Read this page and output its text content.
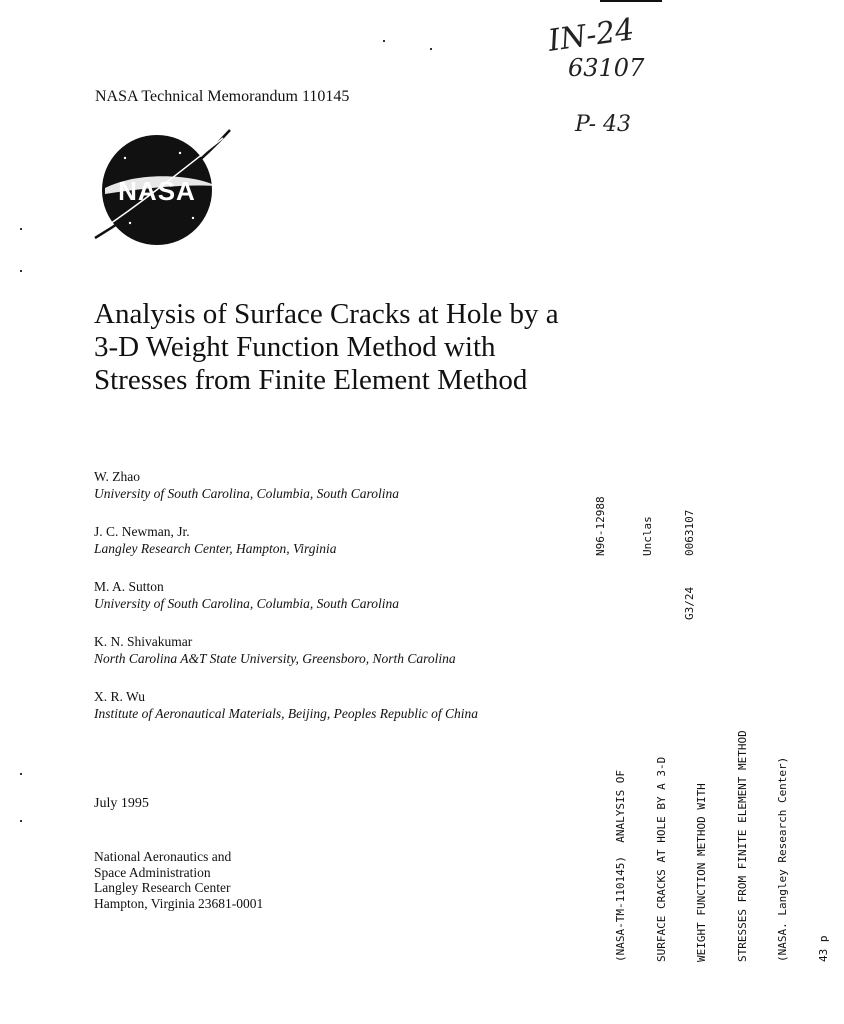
IN-24
63107
P- 43
NASA Technical Memorandum 110145
NASA
Analysis of Surface Cracks at Hole by a
3-D Weight Function Method with
Stresses from Finite Element Method
W. Zhao
University of South Carolina, Columbia, South Carolina
J. C. Newman, Jr.
Langley Research Center, Hampton, Virginia
M. A. Sutton
University of South Carolina, Columbia, South Carolina
K. N. Shivakumar
North Carolina A&T State University, Greensboro, North Carolina
X. R. Wu
Institute of Aeronautical Materials, Beijing, Peoples Republic of China
July 1995
National Aeronautics and
Space Administration
Langley Research Center
Hampton, Virginia 23681-0001
N96-12988	Unclas
G3/24
0063107

(NASA-TM-110145)  ANALYSIS OF

	SURFACE CRACKS AT HOLE BY A 3-D

	WEIGHT FUNCTION METHOD WITH

	STRESSES FROM FINITE ELEMENT METHOD

	(NASA. Langley Research Center)

	43 p
